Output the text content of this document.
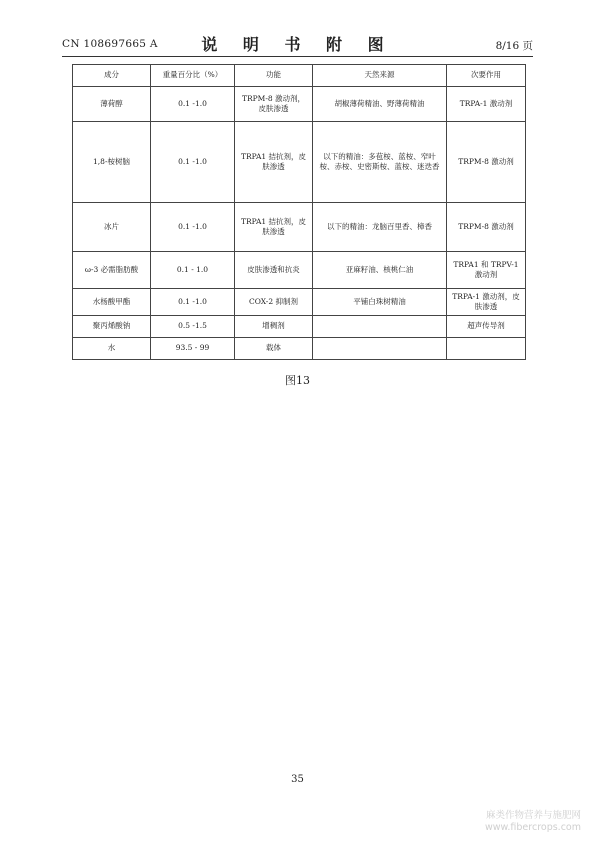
CN 108697665 A	说 明 书 附 图	8/16 页
成分	重量百分比（%）	功能	天然来源	次要作用
薄荷醇	0.1 -1.0	TRPM-8 激动剂，皮肤渗透	胡椒薄荷精油、野薄荷精油	TRPA-1 激动剂
1,8-桉树脑	0.1 -1.0	TRPA1 拮抗剂，皮肤渗透	以下的精油：多苞桉、蓝桉、窄叶桉、赤桉、史密斯桉、蓝桉、迷迭香	TRPM-8 激动剂
冰片	0.1 -1.0	TRPA1 拮抗剂，皮肤渗透	以下的精油：龙脑百里香、樟香	TRPM-8 激动剂
ω-3 必需脂肪酸	0.1 - 1.0	皮肤渗透和抗炎	亚麻籽油、核桃仁油	TRPA1 和 TRPV-1 激动剂
水杨酸甲酯	0.1 -1.0	COX-2 抑制剂	平铺白珠树精油	TRPA-1 激动剂，皮肤渗透
聚丙烯酸钠	0.5 -1.5	增稠剂		超声传导剂
水	93.5 - 99	载体		
图13
35
麻类作物营养与施肥网
www.fibercrops.com
